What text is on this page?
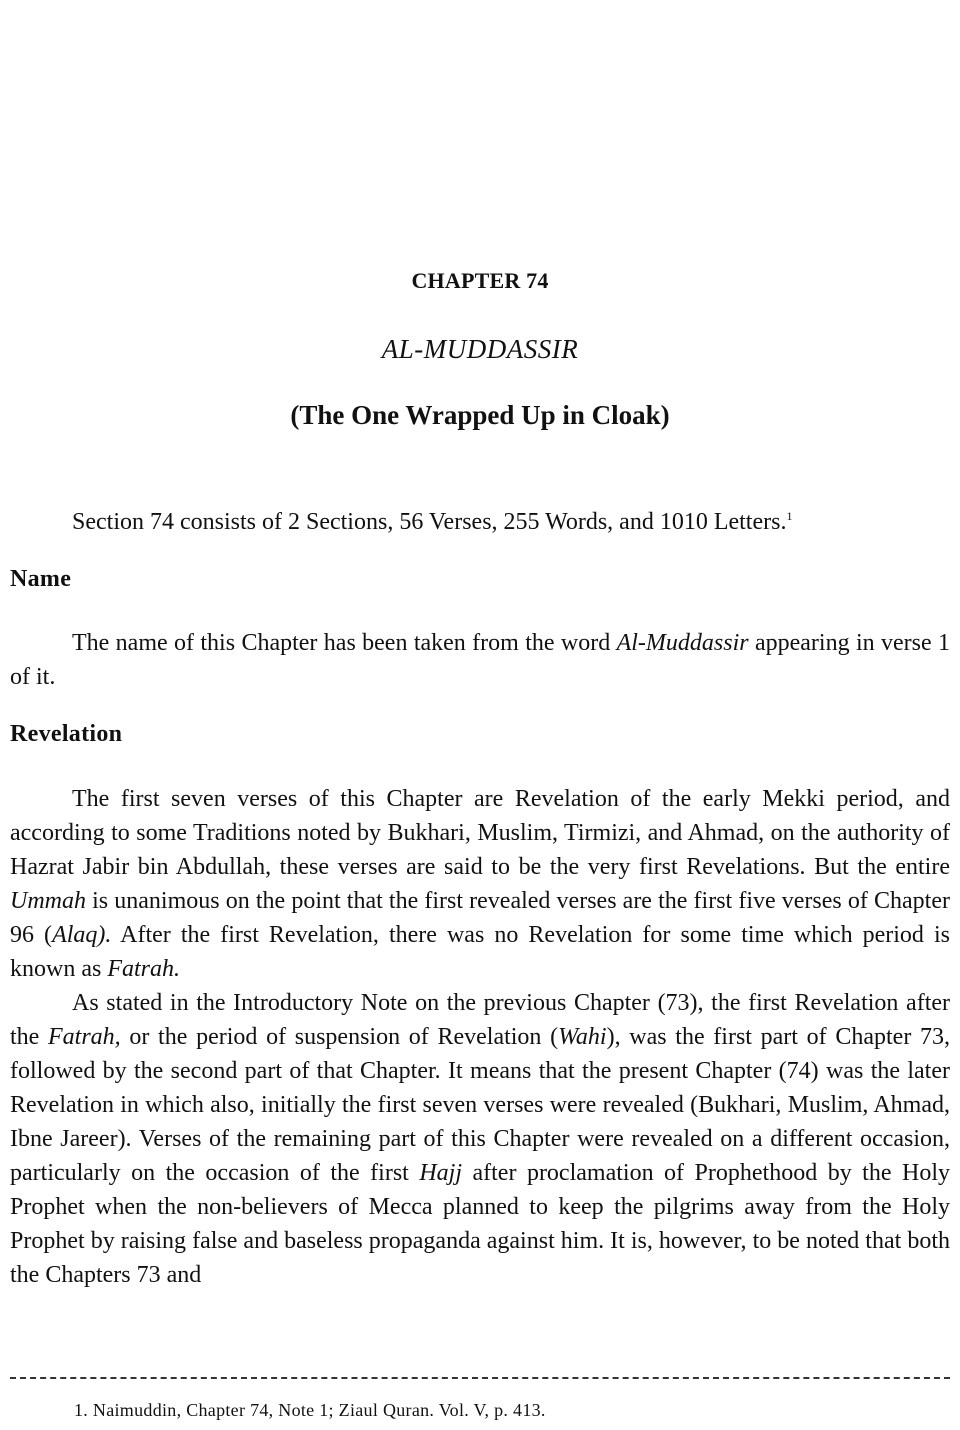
CHAPTER 74
AL-MUDDASSIR
(The One Wrapped Up in Cloak)

Section 74 consists of 2 Sections, 56 Verses, 255 Words, and 1010 Letters.$^1$

Name

The name of this Chapter has been taken from the word Al-Muddassir appearing in verse 1 of it.

Revelation

The first seven verses of this Chapter are Revelation of the early Mekki period, and according to some Traditions noted by Bukhari, Muslim, Tirmizi, and Ahmad, on the authority of Hazrat Jabir bin Abdullah, these verses are said to be the very first Revelations. But the entire Ummah is unanimous on the point that the first revealed verses are the first five verses of Chapter 96 (Alaq). After the first Revelation, there was no Revelation for some time which period is known as Fatrah.

As stated in the Introductory Note on the previous Chapter (73), the first Revelation after the Fatrah, or the period of suspension of Revelation (Wahi), was the first part of Chapter 73, followed by the second part of that Chapter. It means that the present Chapter (74) was the later Revelation in which also, initially the first seven verses were revealed (Bukhari, Muslim, Ahmad, Ibne Jareer). Verses of the remaining part of this Chapter were revealed on a different occasion, particularly on the occasion of the first Hajj after proclamation of Prophethood by the Holy Prophet when the non-believers of Mecca planned to keep the pilgrims away from the Holy Prophet by raising false and baseless propaganda against him. It is, however, to be noted that both the Chapters 73 and

1. Naimuddin, Chapter 74, Note 1; Ziaul Quran. Vol. V, p. 413.
